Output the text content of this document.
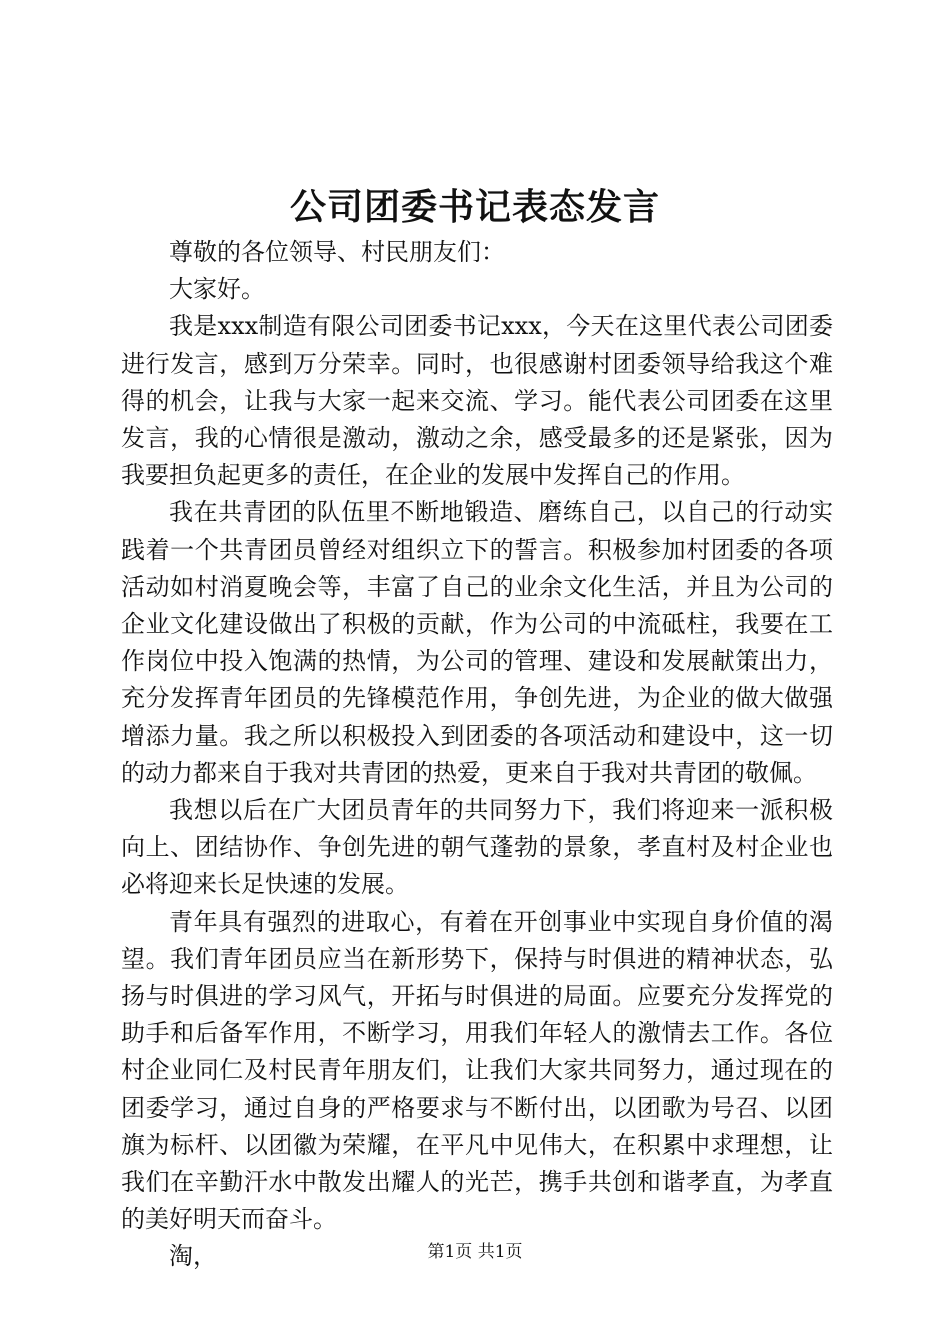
公司团委书记表态发言

尊敬的各位领导、村民朋友们：

大家好。

我是xxx制造有限公司团委书记xxx，今天在这里代表公司团委进行发言，感到万分荣幸。同时，也很感谢村团委领导给我这个难得的机会，让我与大家一起来交流、学习。能代表公司团委在这里发言，我的心情很是激动，激动之余，感受最多的还是紧张，因为我要担负起更多的责任，在企业的发展中发挥自己的作用。

我在共青团的队伍里不断地锻造、磨练自己，以自己的行动实践着一个共青团员曾经对组织立下的誓言。积极参加村团委的各项活动如村消夏晚会等，丰富了自己的业余文化生活，并且为公司的企业文化建设做出了积极的贡献，作为公司的中流砥柱，我要在工作岗位中投入饱满的热情，为公司的管理、建设和发展献策出力，充分发挥青年团员的先锋模范作用，争创先进，为企业的做大做强增添力量。我之所以积极投入到团委的各项活动和建设中，这一切的动力都来自于我对共青团的热爱，更来自于我对共青团的敬佩。

我想以后在广大团员青年的共同努力下，我们将迎来一派积极向上、团结协作、争创先进的朝气蓬勃的景象，孝直村及村企业也必将迎来长足快速的发展。

青年具有强烈的进取心，有着在开创事业中实现自身价值的渴望。我们青年团员应当在新形势下，保持与时俱进的精神状态，弘扬与时俱进的学习风气，开拓与时俱进的局面。应要充分发挥党的助手和后备军作用，不断学习，用我们年轻人的激情去工作。各位村企业同仁及村民青年朋友们，让我们大家共同努力，通过现在的团委学习，通过自身的严格要求与不断付出，以团歌为号召、以团旗为标杆、以团徽为荣耀，在平凡中见伟大，在积累中求理想，让我们在辛勤汗水中散发出耀人的光芒，携手共创和谐孝直，为孝直的美好明天而奋斗。

淘，	第1页 共1页
